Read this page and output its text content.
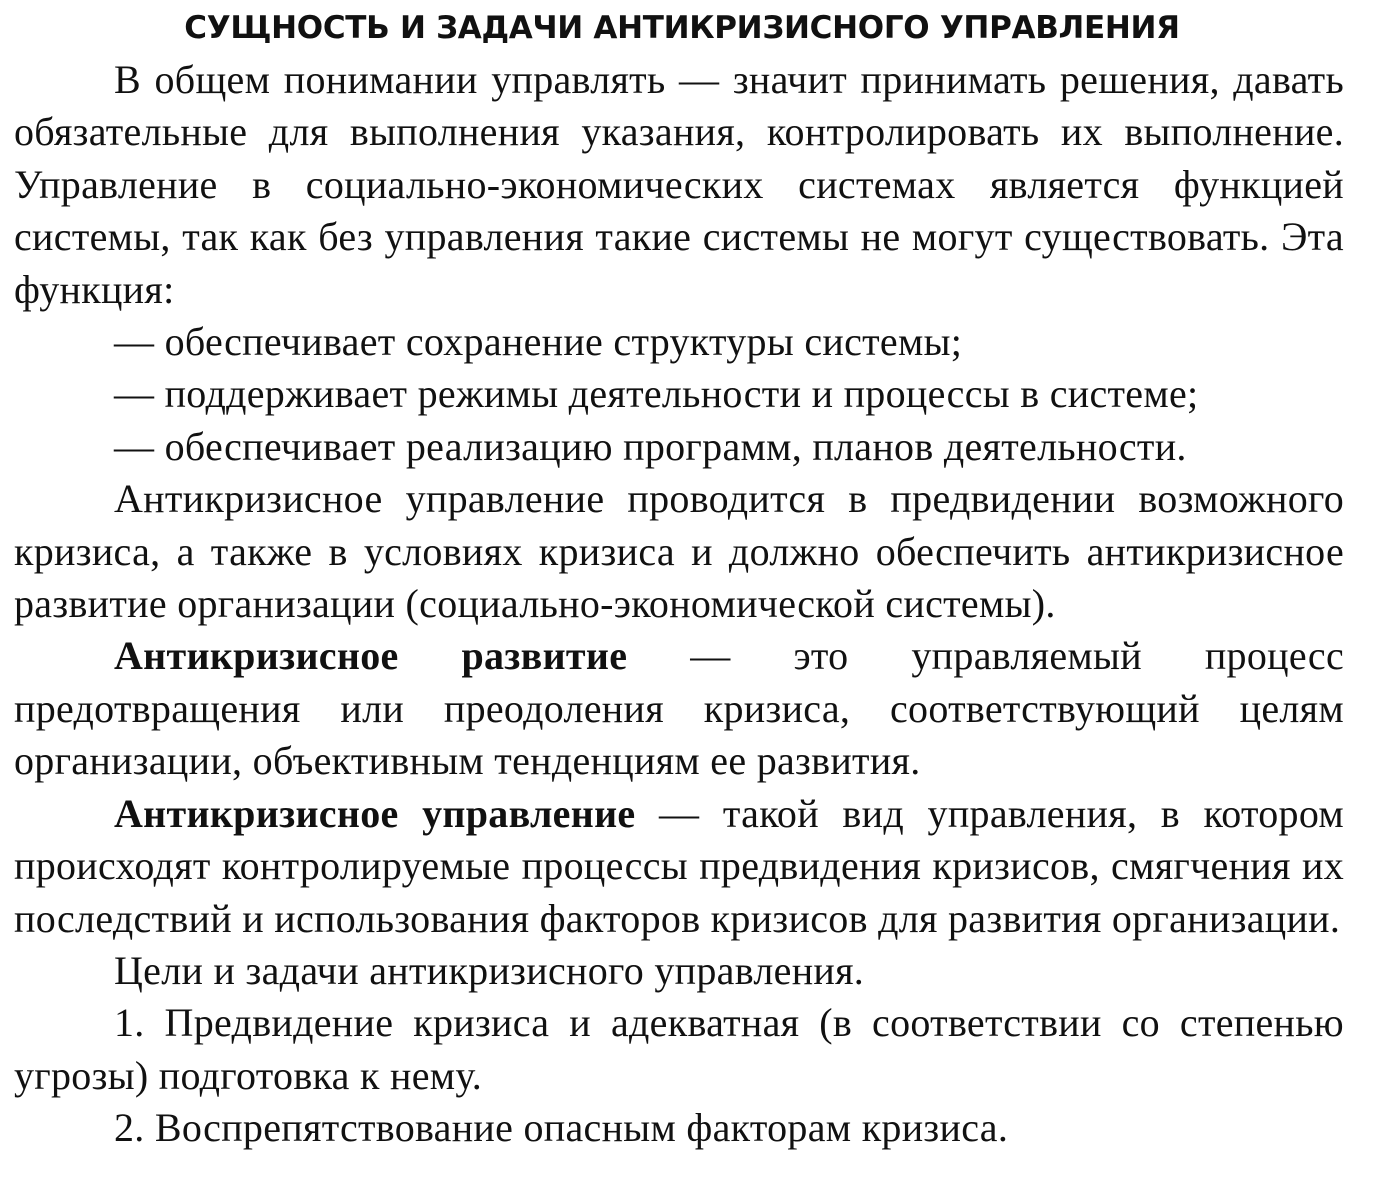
СУЩНОСТЬ И ЗАДАЧИ АНТИКРИЗИСНОГО УПРАВЛЕНИЯ

В общем понимании управлять — значит принимать решения, давать обязательные для выполнения указания, контролировать их выполнение. Управление в социально-экономических системах является функцией системы, так как без управления такие системы не могут существовать. Эта функция:

— обеспечивает сохранение структуры системы;

— поддерживает режимы деятельности и процессы в системе;

— обеспечивает реализацию программ, планов деятельности.

Антикризисное управление проводится в предвидении возможного кризиса, а также в условиях кризиса и должно обеспечить антикризисное развитие организации (социально-экономической системы).

Антикризисное развитие — это управляемый процесс предотвращения или преодоления кризиса, соответствующий целям организации, объективным тенденциям ее развития.

Антикризисное управление — такой вид управления, в котором происходят контролируемые процессы предвидения кризисов, смягчения их последствий и использования факторов кризисов для развития организации.

Цели и задачи антикризисного управления.

1. Предвидение кризиса и адекватная (в соответствии со степенью угрозы) подготовка к нему.

2. Воспрепятствование опасным факторам кризиса.
